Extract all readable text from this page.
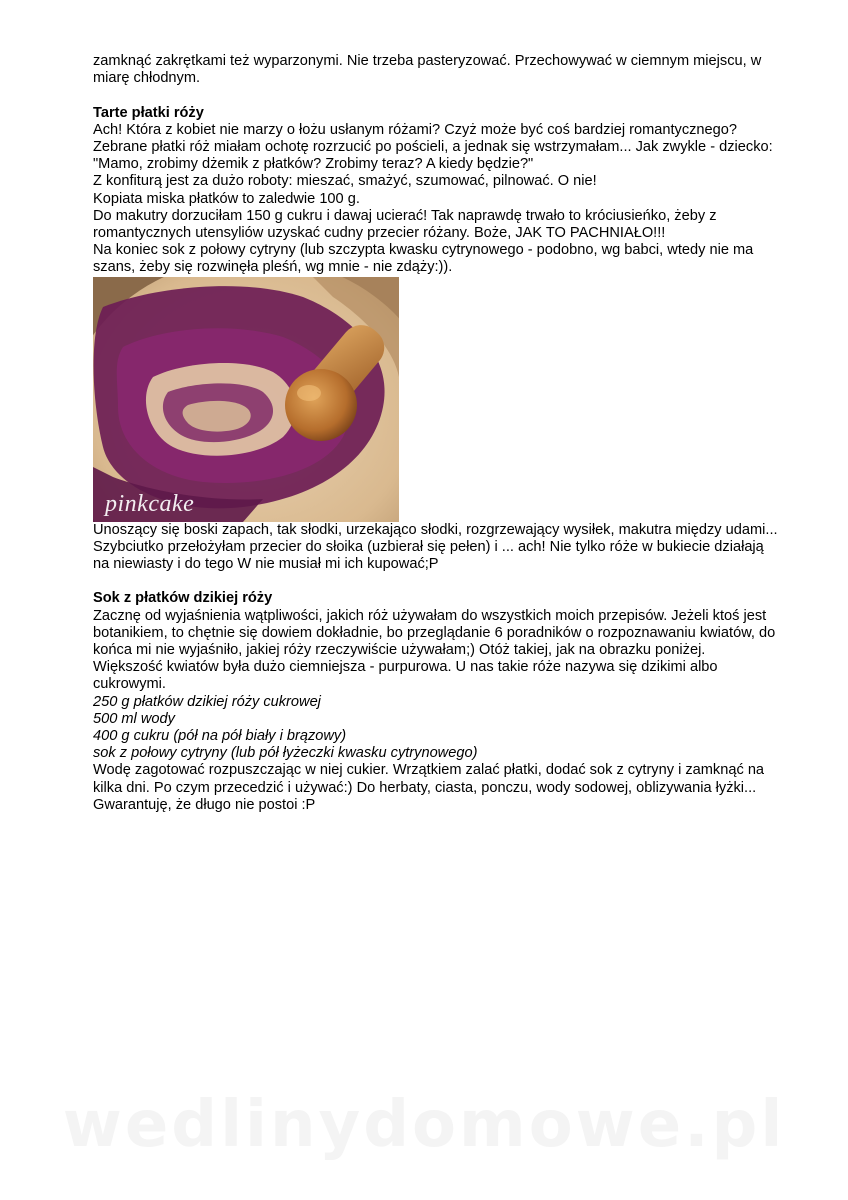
zamknąć zakrętkami też wyparzonymi. Nie trzeba pasteryzować. Przechowywać w ciemnym miejscu, w

miarę chłodnym.

Tarte płatki róży

Ach! Która z kobiet nie marzy o łożu usłanym różami? Czyż może być coś bardziej romantycznego?

Zebrane płatki róż miałam ochotę rozrzucić po pościeli, a jednak się wstrzymałam... Jak zwykle - dziecko:

"Mamo, zrobimy dżemik z płatków? Zrobimy teraz? A kiedy będzie?"

Z konfiturą jest za dużo roboty: mieszać, smażyć, szumować, pilnować. O nie!

Kopiata miska płatków to zaledwie 100 g.

Do makutry dorzuciłam 150 g cukru i dawaj ucierać! Tak naprawdę trwało to króciusieńko, żeby z

romantycznych utensyliów uzyskać cudny przecier różany. Boże, JAK TO PACHNIAŁO!!!

Na koniec sok z połowy cytryny (lub szczypta kwasku cytrynowego - podobno, wg babci, wtedy nie ma

szans, żeby się rozwinęła pleśń, wg mnie - nie zdąży:)).

pinkcake

Unoszący się boski zapach, tak słodki, urzekająco słodki, rozgrzewający wysiłek, makutra między udami...

Szybciutko przełożyłam przecier do słoika (uzbierał się pełen) i ... ach! Nie tylko róże w bukiecie działają

na niewiasty i do tego W nie musiał mi ich kupować;P

Sok z płatków dzikiej róży

Zacznę od wyjaśnienia wątpliwości, jakich róż używałam do wszystkich moich przepisów. Jeżeli ktoś jest

botanikiem, to chętnie się dowiem dokładnie, bo przeglądanie 6 poradników o rozpoznawaniu kwiatów, do

końca mi nie wyjaśniło, jakiej róży rzeczywiście używałam;) Otóż takiej, jak na obrazku poniżej.

Większość kwiatów była dużo ciemniejsza - purpurowa. U nas takie róże nazywa się dzikimi albo

cukrowymi.

250 g płatków dzikiej róży cukrowej

500 ml wody

400 g cukru (pół na pół biały i brązowy)

sok z połowy cytryny (lub pół łyżeczki kwasku cytrynowego)

Wodę zagotować rozpuszczając w niej cukier. Wrzątkiem zalać płatki, dodać sok z cytryny i zamknąć na

kilka dni. Po czym przecedzić i używać:) Do herbaty, ciasta, ponczu, wody sodowej, oblizywania łyżki...

Gwarantuję, że długo nie postoi :P

wedlinydomowe.pl
